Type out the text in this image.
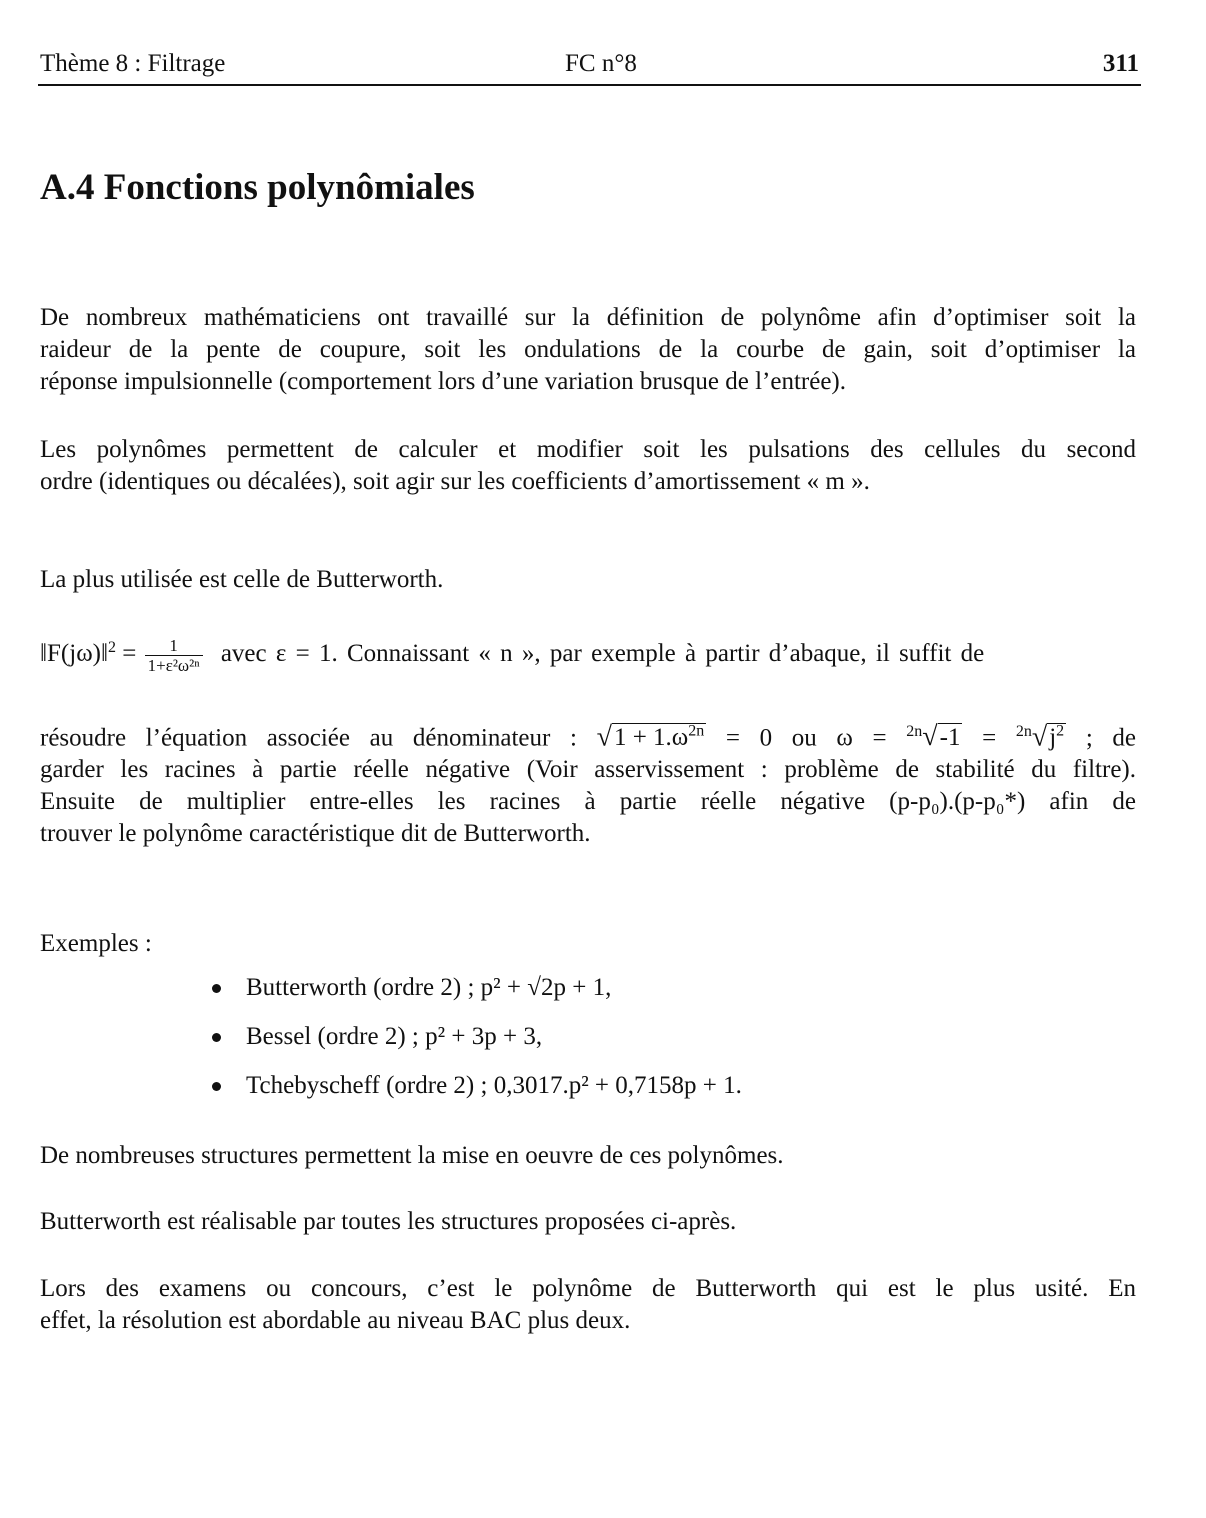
Thème 8 : Filtrage	FC n°8	311
A.4 Fonctions polynômiales
De nombreux mathématiciens ont travaillé sur la définition de polynôme afin d’optimiser soit la
raideur de la pente de coupure, soit les ondulations de la courbe de gain, soit d’optimiser la
réponse impulsionnelle (comportement lors d’une variation brusque de l’entrée).
Les polynômes permettent de calculer et modifier soit les pulsations des cellules du second
ordre (identiques ou décalées), soit agir sur les coefficients d’amortissement « m ».
La plus utilisée est celle de Butterworth.
‖F(jω)‖$^2$ = $\frac{1}{\text{1+ε²ω²ⁿ}}$ avec ε = 1. Connaissant « n », par exemple à partir d’abaque, il suffit de
résoudre l’équation associée au dénominateur : $√1 + 1.\omega^{2n} = 0$ ou $\omega = ^{2n}√-1 = ^{2n}√j^2$ ; de
garder les racines à partie réelle négative (Voir asservissement : problème de stabilité du filtre).
Ensuite de multiplier entre-elles les racines à partie réelle négative (p-p₀).(p-p₀*) afin de
trouver le polynôme caractéristique dit de Butterworth.
Exemples :
Butterworth (ordre 2) ; p² + √2p + 1,
Bessel (ordre 2) ; p² + 3p + 3,
Tchebyscheff (ordre 2) ; 0,3017.p² + 0,7158p + 1.
De nombreuses structures permettent la mise en oeuvre de ces polynômes.
Butterworth est réalisable par toutes les structures proposées ci-après.
Lors des examens ou concours, c’est le polynôme de Butterworth qui est le plus usité. En
effet, la résolution est abordable au niveau BAC plus deux.
